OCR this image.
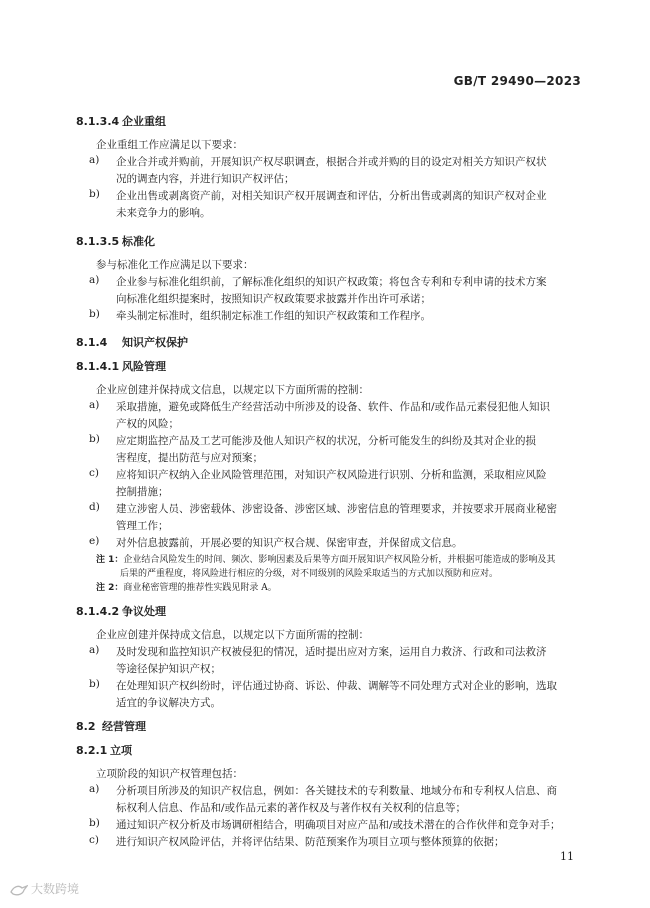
GB/T 29490—2023
8.1.3.4 企业重组
企业重组工作应满足以下要求：
a)	企业合并或并购前，开展知识产权尽职调查，根据合并或并购的目的设定对相关方知识产权状
况的调查内容，并进行知识产权评估；
b)	企业出售或剥离资产前，对相关知识产权开展调查和评估，分析出售或剥离的知识产权对企业
未来竞争力的影响。
8.1.3.5 标准化
参与标准化工作应满足以下要求：
a)	企业参与标准化组织前，了解标准化组织的知识产权政策；将包含专利和专利申请的技术方案
向标准化组织提案时，按照知识产权政策要求披露并作出许可承诺；
b)	牵头制定标准时，组织制定标准工作组的知识产权政策和工作程序。
8.1.4 知识产权保护
8.1.4.1 风险管理
企业应创建并保持成文信息，以规定以下方面所需的控制：
a)	采取措施，避免或降低生产经营活动中所涉及的设备、软件、作品和/或作品元素侵犯他人知识
产权的风险；
b)	应定期监控产品及工艺可能涉及他人知识产权的状况，分析可能发生的纠纷及其对企业的损
害程度，提出防范与应对预案；
c)	应将知识产权纳入企业风险管理范围，对知识产权风险进行识别、分析和监测，采取相应风险
控制措施；
d)	建立涉密人员、涉密载体、涉密设备、涉密区域、涉密信息的管理要求，并按要求开展商业秘密
管理工作；
e)	对外信息披露前，开展必要的知识产权合规、保密审查，并保留成文信息。
注 1：企业结合风险发生的时间、频次、影响因素及后果等方面开展知识产权风险分析，并根据可能造成的影响及其
后果的严重程度，将风险进行相应的分级，对不同级别的风险采取适当的方式加以预防和应对。
注 2：商业秘密管理的推荐性实践见附录 A。
8.1.4.2 争议处理
企业应创建并保持成文信息，以规定以下方面所需的控制：
a)	及时发现和监控知识产权被侵犯的情况，适时提出应对方案，运用自力救济、行政和司法救济
等途径保护知识产权；
b)	在处理知识产权纠纷时，评估通过协商、诉讼、仲裁、调解等不同处理方式对企业的影响，选取
适宜的争议解决方式。
8.2 经营管理
8.2.1 立项
立项阶段的知识产权管理包括：
a)	分析项目所涉及的知识产权信息，例如：各关键技术的专利数量、地域分布和专利权人信息、商
标权利人信息、作品和/或作品元素的著作权及与著作权有关权利的信息等；
b)	通过知识产权分析及市场调研相结合，明确项目对应产品和/或技术潜在的合作伙伴和竞争对手；
c)	进行知识产权风险评估，并将评估结果、防范预案作为项目立项与整体预算的依据；
11
大数跨境
